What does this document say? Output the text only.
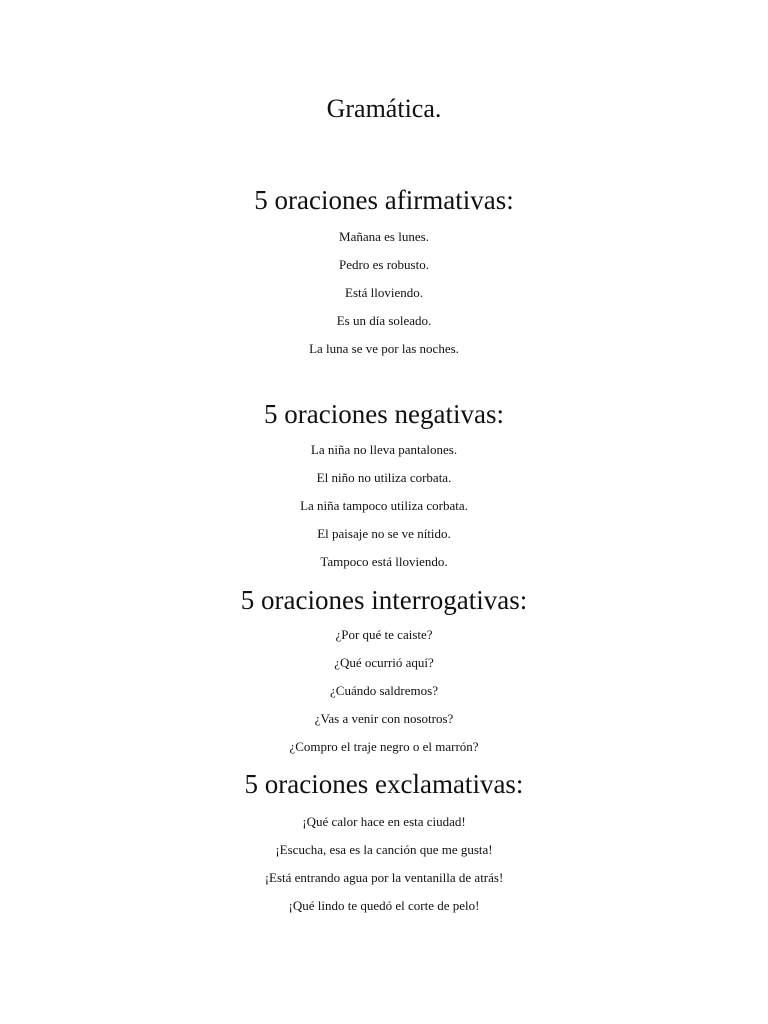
Gramática.
5 oraciones afirmativas:

Mañana es lunes.

Pedro es robusto.

Está lloviendo.

Es un día soleado.

La luna se ve por las noches.

5 oraciones negativas:

La niña no lleva pantalones.

El niño no utiliza corbata.

La niña tampoco utiliza corbata.

El paisaje no se ve nítido.

Tampoco está lloviendo.

5 oraciones interrogativas:

¿Por qué te caiste?

¿Qué ocurrió aquí?

¿Cuándo saldremos?

¿Vas a venir con nosotros?

¿Compro el traje negro o el marrón?

5 oraciones exclamativas:

¡Qué calor hace en esta ciudad!

¡Escucha, esa es la canción que me gusta!

¡Está entrando agua por la ventanilla de atrás!

¡Qué lindo te quedó el corte de pelo!
